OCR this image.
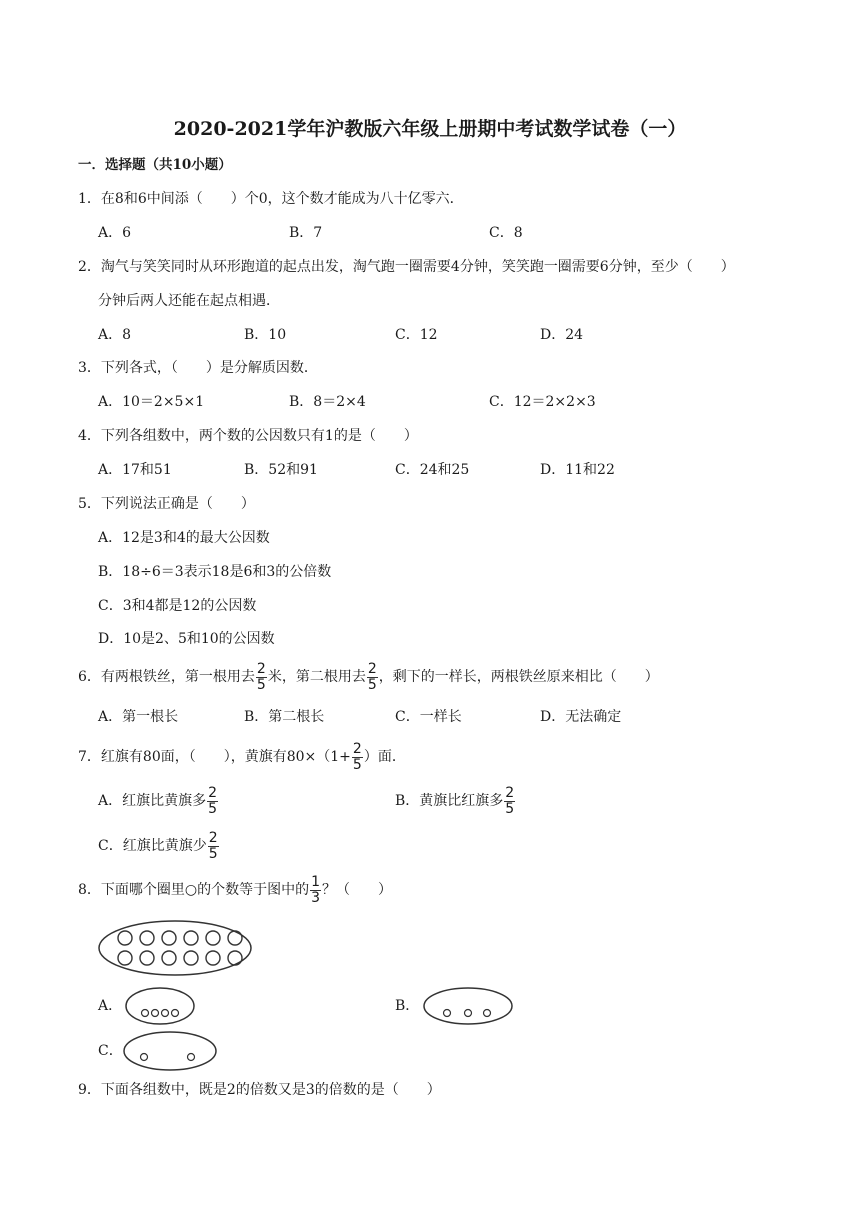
2020-2021学年沪教版六年级上册期中考试数学试卷（一）
一．选择题（共10小题）
1．在8和6中间添（　　）个0，这个数才能成为八十亿零六．
A．6	B．7	C．8
2．淘气与笑笑同时从环形跑道的起点出发，淘气跑一圈需要4分钟，笑笑跑一圈需要6分钟，至少（　　）
分钟后两人还能在起点相遇．
A．8	B．10	C．12	D．24
3．下列各式，（　　）是分解质因数．
A．10＝2×5×1	B．8＝2×4	C．12＝2×2×3
4．下列各组数中，两个数的公因数只有1的是（　　）
A．17和51	B．52和91	C．24和25	D．11和22
5．下列说法正确是（　　）
A．12是3和4的最大公因数
B．18÷6＝3表示18是6和3的公倍数
C．3和4都是12的公因数
D．10是2、5和10的公因数
6．有两根铁丝，第一根用去 $\frac{2}{5}$ 米，第二根用去 $\frac{2}{5}$ ，剩下的一样长，两根铁丝原来相比（　　）
A．第一根长	B．第二根长	C．一样长	D．无法确定
7．红旗有80面，（　　），黄旗有$80\times(1+ \frac{2}{5}$ ）面．
A．红旗比黄旗多 $\frac{2}{5}$	B．黄旗比红旗多 $\frac{2}{5}$
C．红旗比黄旗少 $\frac{2}{5}$
8．下面哪个圈里○的个数等于图中的 $\frac{1}{3}$ ？（　　）
A．	B．
C．
9．下面各组数中，既是2的倍数又是3的倍数的是（　　）
